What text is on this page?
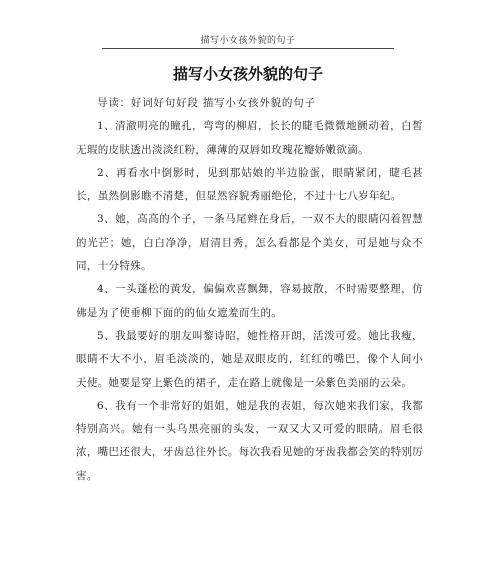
描写小女孩外貌的句子
描写小女孩外貌的句子

导读：好词好句好段 描写小女孩外貌的句子

1、清澈明亮的瞳孔，弯弯的柳眉，长长的睫毛微微地颤动着，白皙无瑕的皮肤透出淡淡红粉，薄薄的双唇如玫瑰花瓣娇嫩欲滴。

2、再看水中倒影时，见到那姑娘的半边脸蛋，眼睛紧闭，睫毛甚长，虽然倒影瞧不清楚，但显然容貌秀丽绝伦，不过十七八岁年纪。

3、她，高高的个子，一条马尾辫在身后，一双不大的眼睛闪着智慧的光芒；她，白白净净，眉清目秀，怎么看都是个美女，可是她与众不同，十分特殊。

4、一头蓬松的黄发，偏偏欢喜飘舞，容易披散，不时需要整理，仿佛是为了使垂柳下面的的仙女遮羞而生的。

5、我最要好的朋友叫黎诗昭，她性格开朗，活泼可爱。她比我瘦，眼睛不大不小，眉毛淡淡的，她是双眼皮的，红红的嘴巴，像个人间小天使。她要是穿上紫色的裙子，走在路上就像是一朵紫色美丽的云朵。

6、我有一个非常好的姐姐，她是我的表姐，每次她来我们家，我都特别高兴。她有一头乌黑亮丽的头发，一双又大又可爱的眼睛。眉毛很浓，嘴巴还很大，牙齿总往外长。每次我看见她的牙齿我都会笑的特别厉害。
